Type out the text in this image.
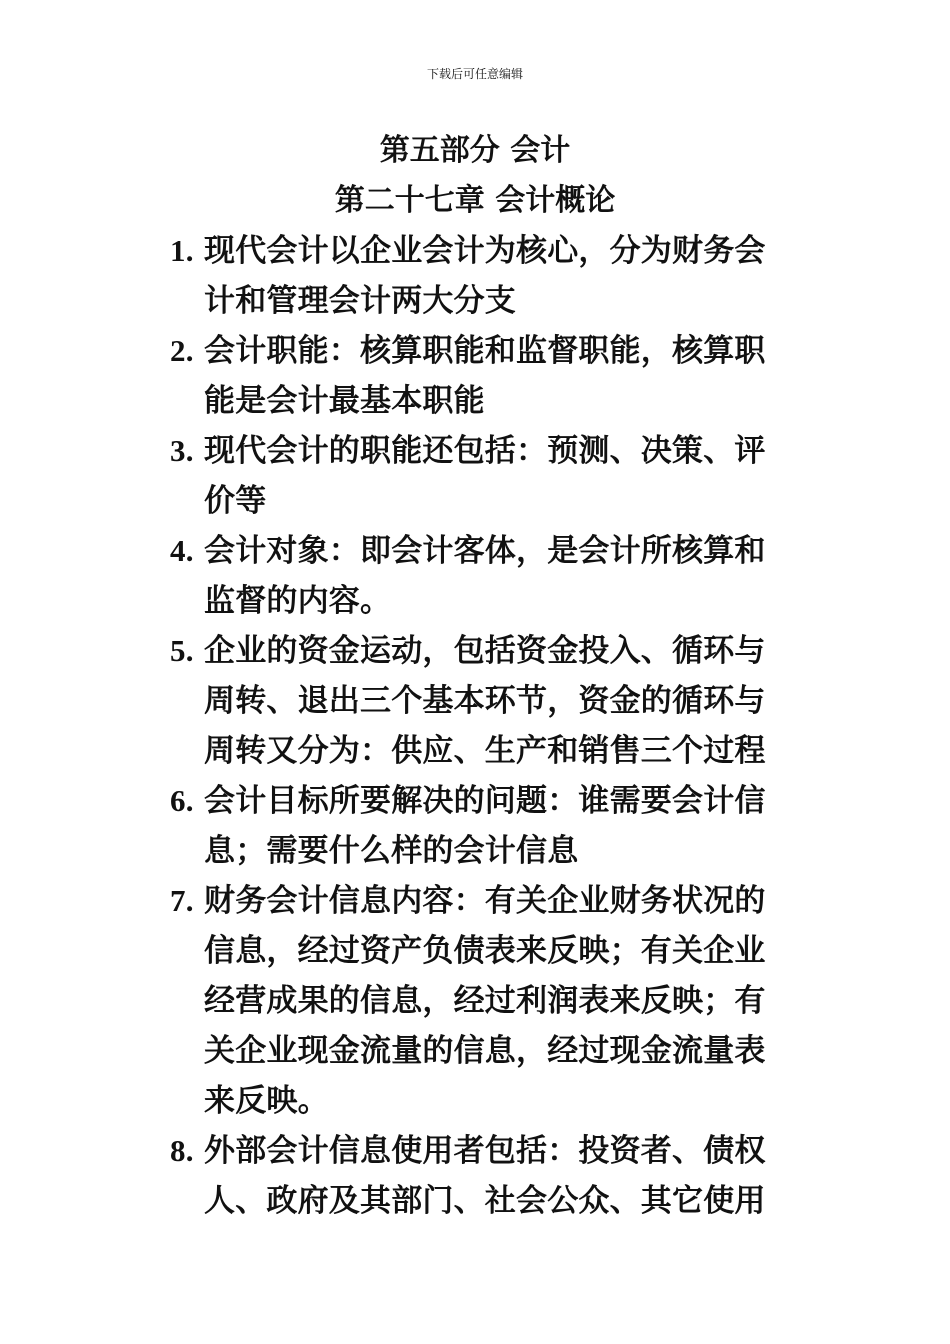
下载后可任意编辑
第五部分 会计
第二十七章 会计概论
1. 现代会计以企业会计为核心，分为财务会
计和管理会计两大分支
2. 会计职能：核算职能和监督职能，核算职
能是会计最基本职能
3. 现代会计的职能还包括：预测、决策、评
价等
4. 会计对象：即会计客体，是会计所核算和
监督的内容。
5. 企业的资金运动，包括资金投入、循环与
周转、退出三个基本环节，资金的循环与
周转又分为：供应、生产和销售三个过程
6. 会计目标所要解决的问题：谁需要会计信
息；需要什么样的会计信息
7. 财务会计信息内容：有关企业财务状况的
信息，经过资产负债表来反映；有关企业
经营成果的信息，经过利润表来反映；有
关企业现金流量的信息，经过现金流量表
来反映。
8. 外部会计信息使用者包括：投资者、债权
人、政府及其部门、社会公众、其它使用
